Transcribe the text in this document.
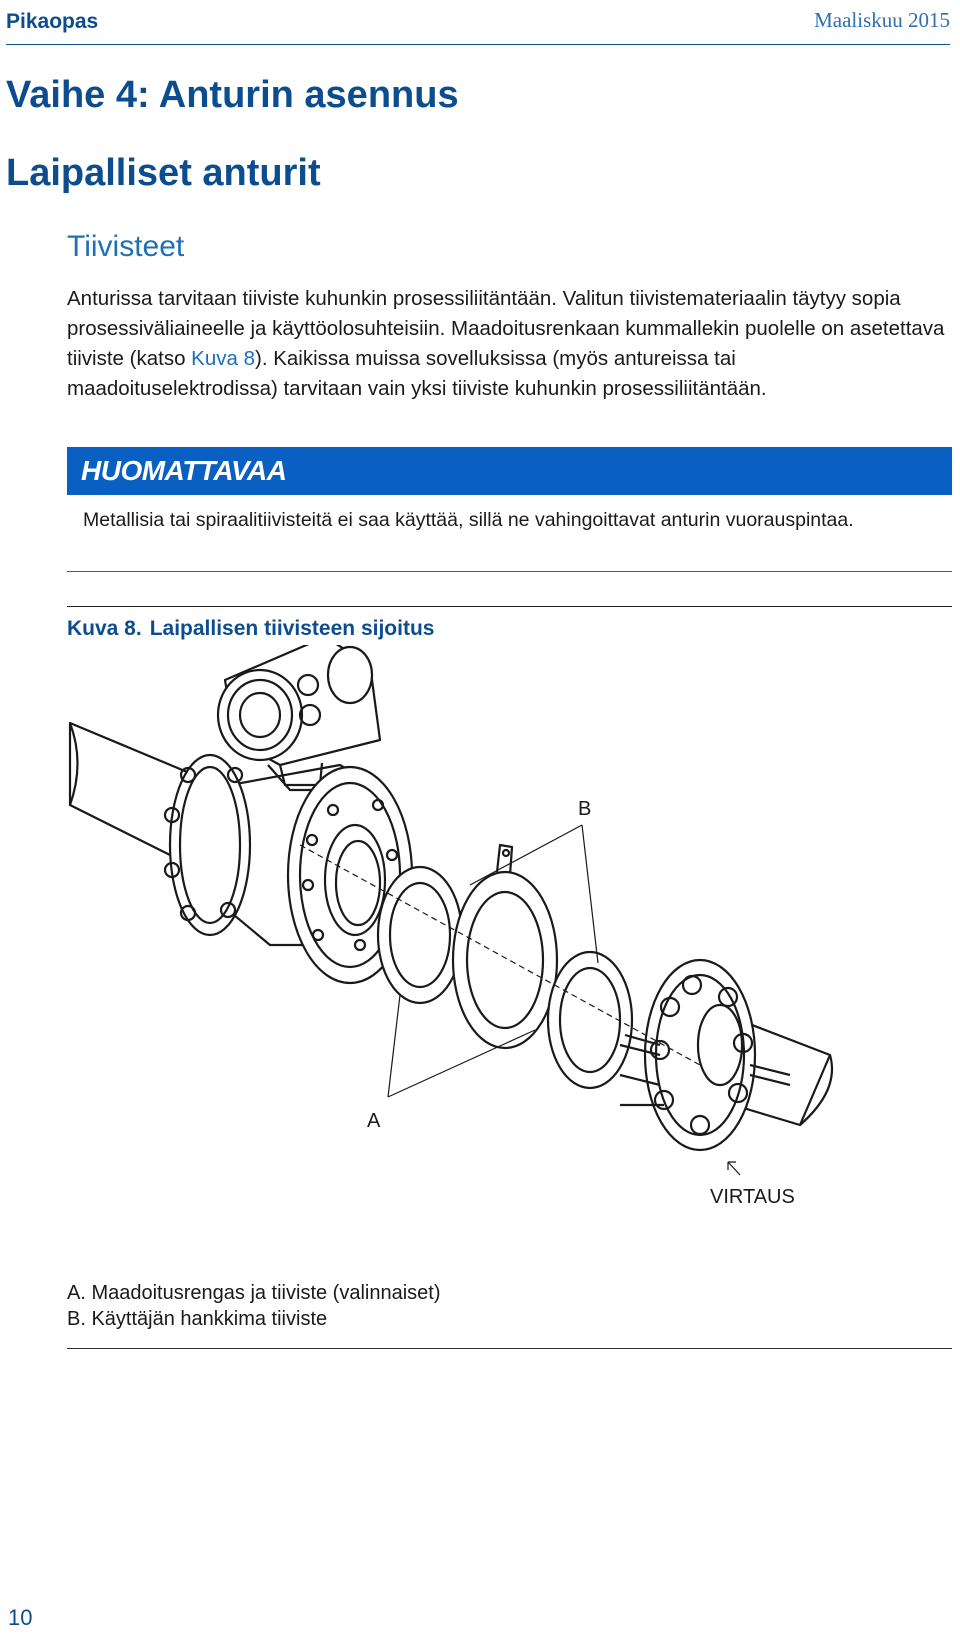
Pikaopas	Maaliskuu 2015
Vaihe 4: Anturin asennus
Laipalliset anturit
Tiivisteet

Anturissa tarvitaan tiiviste kuhunkin prosessiliitäntään. Valitun tiivistemateriaalin täytyy sopia prosessiväliaineelle ja käyttöolosuhteisiin. Maadoitusrenkaan kummallekin puolelle on asetettava tiiviste (katso Kuva 8). Kaikissa muissa sovelluksissa (myös antureissa tai maadoituselektrodissa) tarvitaan vain yksi tiiviste kuhunkin prosessiliitäntään.

HUOMATTAVAA

Metallisia tai spiraalitiivisteitä ei saa käyttää, sillä ne vahingoittavat anturin vuorauspintaa.

Kuva 8. Laipallisen tiivisteen sijoitus
B
A
VIRTAUS
A. Maadoitusrengas ja tiiviste (valinnaiset)
B. Käyttäjän hankkima tiiviste
10
